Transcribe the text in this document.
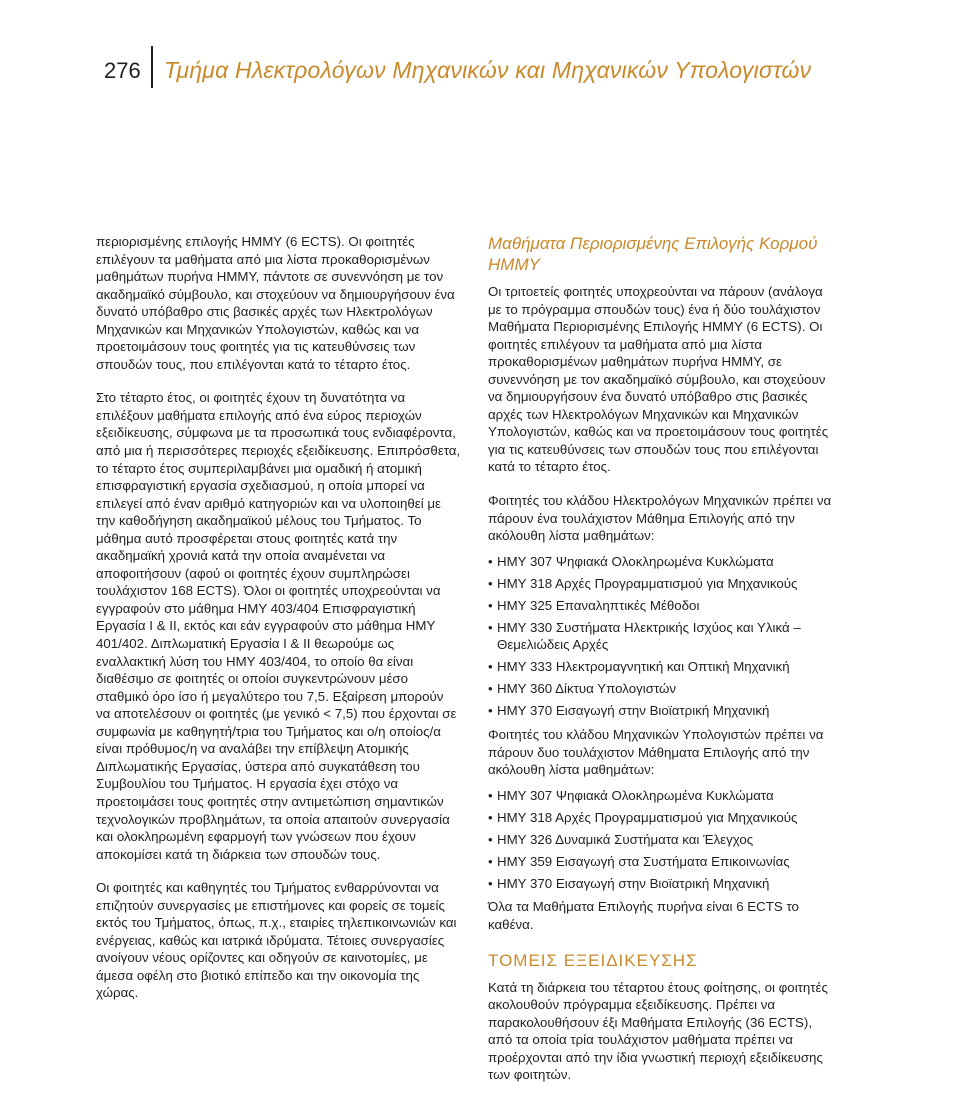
276 Τμήμα Ηλεκτρολόγων Μηχανικών και Μηχανικών Υπολογιστών

περιορισμένης επιλογής ΗΜΜΥ (6 ECTS). Οι φοιτητές επιλέγουν τα μαθήματα από μια λίστα προκαθορισμένων μαθημάτων πυρήνα ΗΜΜΥ, πάντοτε σε συνεννόηση με τον ακαδημαϊκό σύμβουλο, και στοχεύουν να δημιουργήσουν ένα δυνατό υπόβαθρο στις βασικές αρχές των Ηλεκτρολόγων Μηχανικών και Μηχανικών Υπολογιστών, καθώς και να προετοιμάσουν τους φοιτητές για τις κατευθύνσεις των σπουδών τους, που επιλέγονται κατά το τέταρτο έτος.

Στο τέταρτο έτος, οι φοιτητές έχουν τη δυνατότητα να επιλέξουν μαθήματα επιλογής από ένα εύρος περιοχών εξειδίκευσης, σύμφωνα με τα προσωπικά τους ενδιαφέροντα, από μια ή περισσότερες περιοχές εξειδίκευσης. Επιπρόσθετα, το τέταρτο έτος συμπεριλαμβάνει μια ομαδική ή ατομική επισφραγιστική εργασία σχεδιασμού, η οποία μπορεί να επιλεγεί από έναν αριθμό κατηγοριών και να υλοποιηθεί με την καθοδήγηση ακαδημαϊκού μέλους του Τμήματος. Το μάθημα αυτό προσφέρεται στους φοιτητές κατά την ακαδημαϊκή χρονιά κατά την οποία αναμένεται να αποφοιτήσουν (αφού οι φοιτητές έχουν συμπληρώσει τουλάχιστον 168 ECTS). Όλοι οι φοιτητές υποχρεούνται να εγγραφούν στο μάθημα ΗΜΥ 403/404 Επισφραγιστική Εργασία Ι & ΙΙ, εκτός και εάν εγγραφούν στο μάθημα ΗΜΥ 401/402. Διπλωματική Εργασία Ι & ΙΙ θεωρούμε ως εναλλακτική λύση του ΗΜΥ 403/404, το οποίο θα είναι διαθέσιμο σε φοιτητές οι οποίοι συγκεντρώνουν μέσο σταθμικό όρο ίσο ή μεγαλύτερο του 7,5. Εξαίρεση μπορούν να αποτελέσουν οι φοιτητές (με γενικό < 7,5) που έρχονται σε συμφωνία με καθηγητή/τρια του Τμήματος και ο/η οποίος/α είναι πρόθυμος/η να αναλάβει την επίβλεψη Ατομικής Διπλωματικής Εργασίας, ύστερα από συγκατάθεση του Συμβουλίου του Τμήματος. Η εργασία έχει στόχο να προετοιμάσει τους φοιτητές στην αντιμετώπιση σημαντικών τεχνολογικών προβλημάτων, τα οποία απαιτούν συνεργασία και ολοκληρωμένη εφαρμογή των γνώσεων που έχουν αποκομίσει κατά τη διάρκεια των σπουδών τους.

Οι φοιτητές και καθηγητές του Τμήματος ενθαρρύνονται να επιζητούν συνεργασίες με επιστήμονες και φορείς σε τομείς εκτός του Τμήματος, όπως, π.χ., εταιρίες τηλεπικοινωνιών και ενέργειας, καθώς και ιατρικά ιδρύματα. Τέτοιες συνεργασίες ανοίγουν νέους ορίζοντες και οδηγούν σε καινοτομίες, με άμεσα οφέλη στο βιοτικό επίπεδο και την οικονομία της χώρας.

Μαθήματα Περιορισμένης Επιλογής Κορμού ΗΜΜΥ

Οι τριτοετείς φοιτητές υποχρεούνται να πάρουν (ανάλογα με το πρόγραμμα σπουδών τους) ένα ή δύο τουλάχιστον Μαθήματα Περιορισμένης Επιλογής ΗΜΜΥ (6 ECTS). Οι φοιτητές επιλέγουν τα μαθήματα από μια λίστα προκαθορισμένων μαθημάτων πυρήνα ΗΜΜΥ, σε συνεννόηση με τον ακαδημαϊκό σύμβουλο, και στοχεύουν να δημιουργήσουν ένα δυνατό υπόβαθρο στις βασικές αρχές των Ηλεκτρολόγων Μηχανικών και Μηχανικών Υπολογιστών, καθώς και να προετοιμάσουν τους φοιτητές για τις κατευθύνσεις των σπουδών τους που επιλέγονται κατά το τέταρτο έτος.

Φοιτητές του κλάδου Ηλεκτρολόγων Μηχανικών πρέπει να πάρουν ένα τουλάχιστον Μάθημα Επιλογής από την ακόλουθη λίστα μαθημάτων:

• ΗΜΥ 307 Ψηφιακά Ολοκληρωμένα Κυκλώματα
• ΗΜΥ 318 Αρχές Προγραμματισμού για Μηχανικούς
• ΗΜΥ 325 Επαναληπτικές Μέθοδοι
• ΗΜΥ 330 Συστήματα Ηλεκτρικής Ισχύος και Υλικά – Θεμελιώδεις Αρχές
• ΗΜΥ 333 Ηλεκτρομαγνητική και Οπτική Μηχανική
• ΗΜΥ 360 Δίκτυα Υπολογιστών
• ΗΜΥ 370 Εισαγωγή στην Βιοϊατρική Μηχανική

Φοιτητές του κλάδου Μηχανικών Υπολογιστών πρέπει να πάρουν δυο τουλάχιστον Μάθηματα Επιλογής από την ακόλουθη λίστα μαθημάτων:

• ΗΜΥ 307 Ψηφιακά Ολοκληρωμένα Κυκλώματα
• ΗΜΥ 318 Αρχές Προγραμματισμού για Μηχανικούς
• ΗΜΥ 326 Δυναμικά Συστήματα και Έλεγχος
• ΗΜΥ 359 Εισαγωγή στα Συστήματα Επικοινωνίας
• ΗΜΥ 370 Εισαγωγή στην Βιοϊατρική Μηχανική

Όλα τα Μαθήματα Επιλογής πυρήνα είναι 6 ECTS το καθένα.

ΤΟΜΕΙΣ ΕΞΕΙΔΙΚΕΥΣΗΣ

Κατά τη διάρκεια του τέταρτου έτους φοίτησης, οι φοιτητές ακολουθούν πρόγραμμα εξειδίκευσης. Πρέπει να παρακολουθήσουν έξι Μαθήματα Επιλογής (36 ECTS), από τα οποία τρία τουλάχιστον μαθήματα πρέπει να προέρχονται από την ίδια γνωστική περιοχή εξειδίκευσης των φοιτητών.
